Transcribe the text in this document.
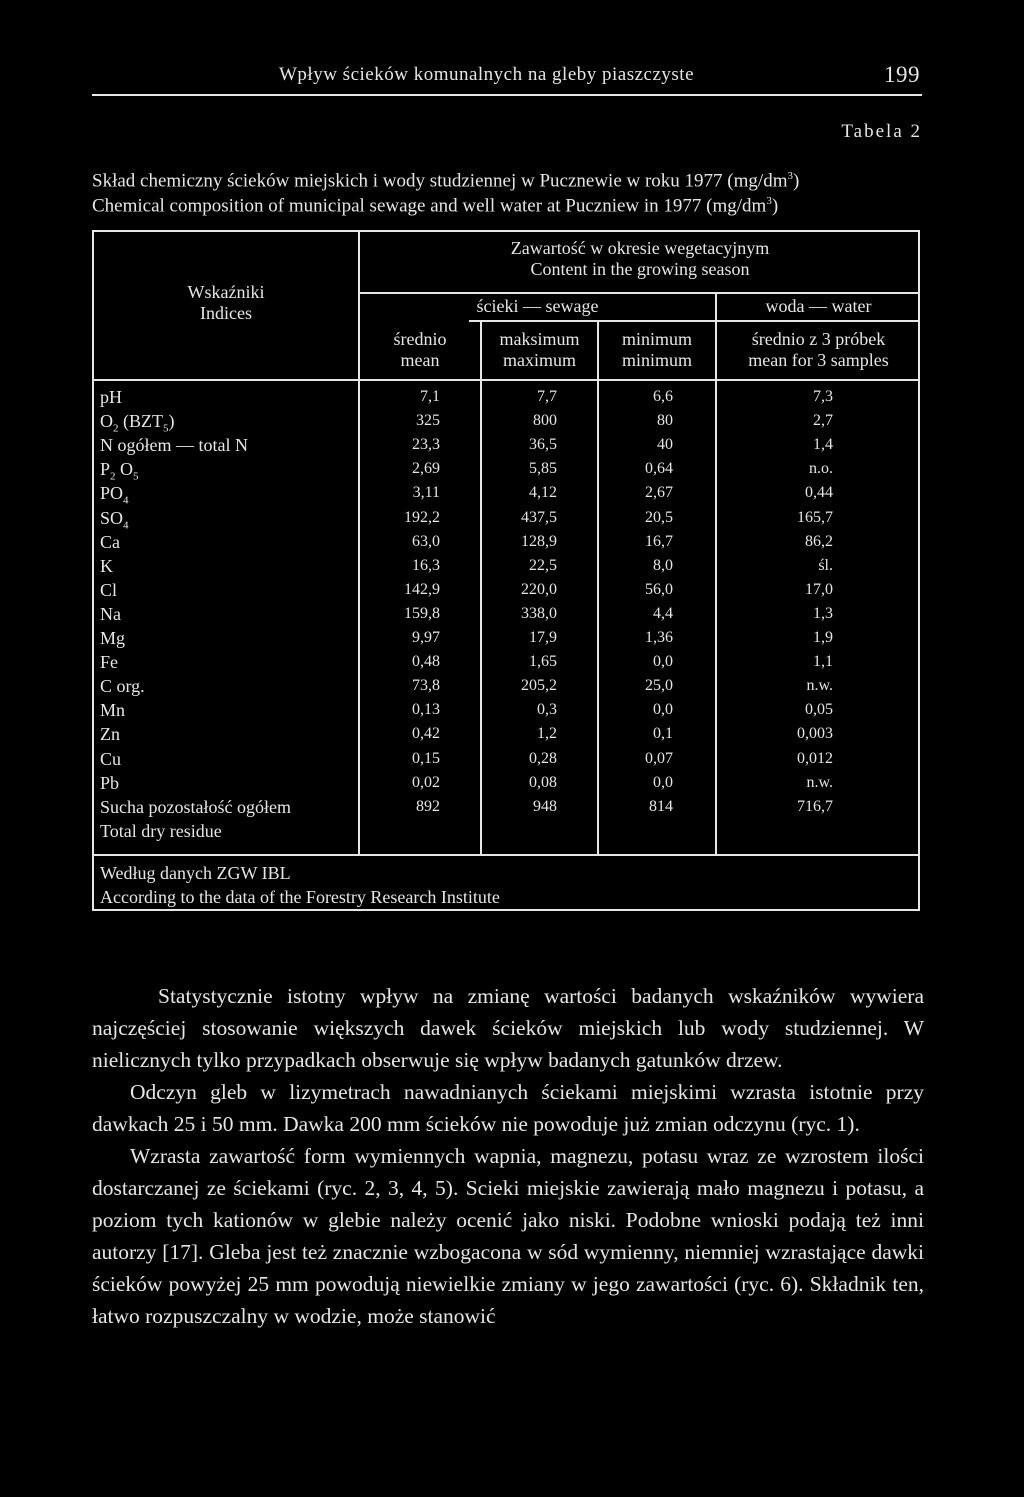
Wpływ ścieków komunalnych na gleby piaszczyste	199
Tabela 2
Skład chemiczny ścieków miejskich i wody studziennej w Pucznewie w roku 1977 $(mg/dm^3)$
Chemical composition of municipal sewage and well water at Puczniew in 1977 $(mg/dm^3)$
Wskaźniki
Indices
Zawartość w okresie wegetacyjnym
Content in the growing season
ścieki — sewage	woda — water
średnio
mean
maksimum
maximum
minimum
minimum
średnio z 3 próbek
mean for 3 samples
pH	7,1	7,7	6,6	7,3
$O_2$ $(BZT_5)$	325	800	80	2,7
N ogółem — total N	23,3	36,5	40	1,4
$P_2$ $O_5$	2,69	5,85	0,64	n.o.
$PO_4$	3,11	4,12	2,67	0,44
$SO_4$	192,2	437,5	20,5	165,7
Ca	63,0	128,9	16,7	86,2
K	16,3	22,5	8,0	śl.
Cl	142,9	220,0	56,0	17,0
Na	159,8	338,0	4,4	1,3
Mg	9,97	17,9	1,36	1,9
Fe	0,48	1,65	0,0	1,1
C org.	73,8	205,2	25,0	n.w.
Mn	0,13	0,3	0,0	0,05
Zn	0,42	1,2	0,1	0,003
Cu	0,15	0,28	0,07	0,012
Pb	0,02	0,08	0,0	n.w.
Sucha pozostałość ogółem	892	948	814	716,7
Total dry residue
Według danych ZGW IBL
According to the data of the Forestry Research Institute

Statystycznie istotny wpływ na zmianę wartości badanych wskaźników wywiera najczęściej stosowanie większych dawek ścieków miejskich lub wody studziennej. W nielicznych tylko przypadkach obserwuje się wpływ badanych gatunków drzew.

Odczyn gleb w lizymetrach nawadnianych ściekami miejskimi wzrasta istotnie przy dawkach 25 i 50 mm. Dawka 200 mm ścieków nie powoduje już zmian odczynu (ryc. 1).

Wzrasta zawartość form wymiennych wapnia, magnezu, potasu wraz ze wzrostem ilości dostarczanej ze ściekami (ryc. 2, 3, 4, 5). Scieki miejskie zawierają mało magnezu i potasu, a poziom tych kationów w glebie należy ocenić jako niski. Podobne wnioski podają też inni autorzy [17]. Gleba jest też znacznie wzbogacona w sód wymienny, niemniej wzrastające dawki ścieków powyżej 25 mm powodują niewielkie zmiany w jego zawartości (ryc. 6). Składnik ten, łatwo rozpuszczalny w wodzie, może stanowić
